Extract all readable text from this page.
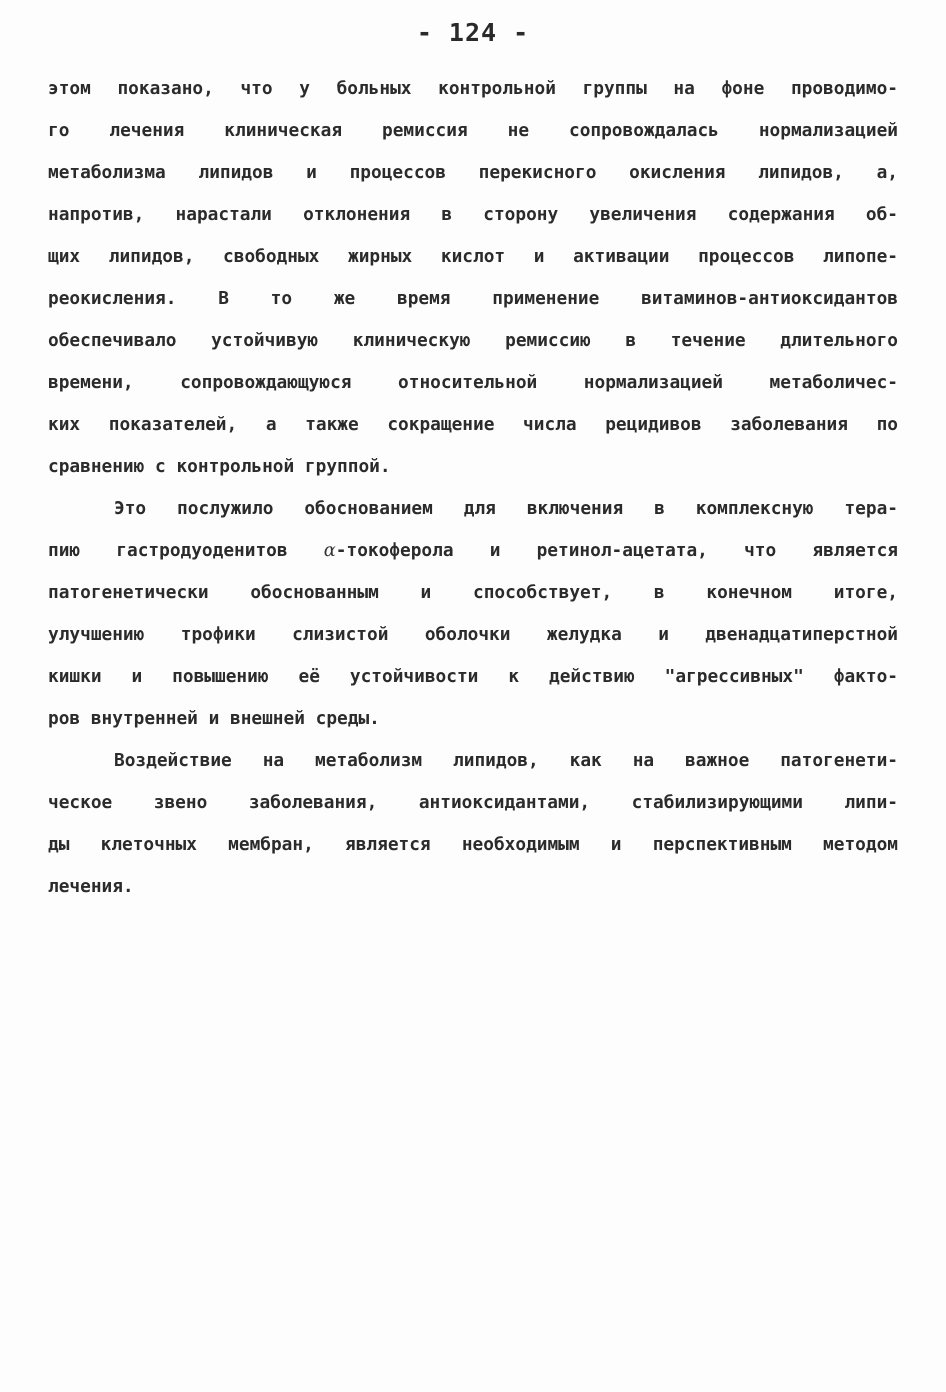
- 124 -
этом показано, что у больных контрольной группы на фоне проводимо-
го лечения клиническая ремиссия не сопровождалась нормализацией
метаболизма липидов и процессов перекисного окисления липидов, а,
напротив, нарастали отклонения в сторону увеличения содержания об-
щих липидов, свободных жирных кислот и активации процессов липопе-
реокисления. В то же время применение витаминов-антиоксидантов
обеспечивало устойчивую клиническую ремиссию в течение длительного
времени, сопровождающуюся относительной нормализацией метаболичес-
ких показателей, а также сокращение числа рецидивов заболевания по
сравнению с контрольной группой.
Это послужило обоснованием для включения в комплексную тера-
пию гастродуоденитов α-токоферола и ретинол-ацетата, что является
патогенетически обоснованным и способствует, в конечном итоге,
улучшению трофики слизистой оболочки желудка и двенадцатиперстной
кишки и повышению её устойчивости к действию "агрессивных" факто-
ров внутренней и внешней среды.
Воздействие на метаболизм липидов, как на важное патогенети-
ческое звено заболевания, антиоксидантами, стабилизирующими липи-
ды клеточных мембран, является необходимым и перспективным методом
лечения.
